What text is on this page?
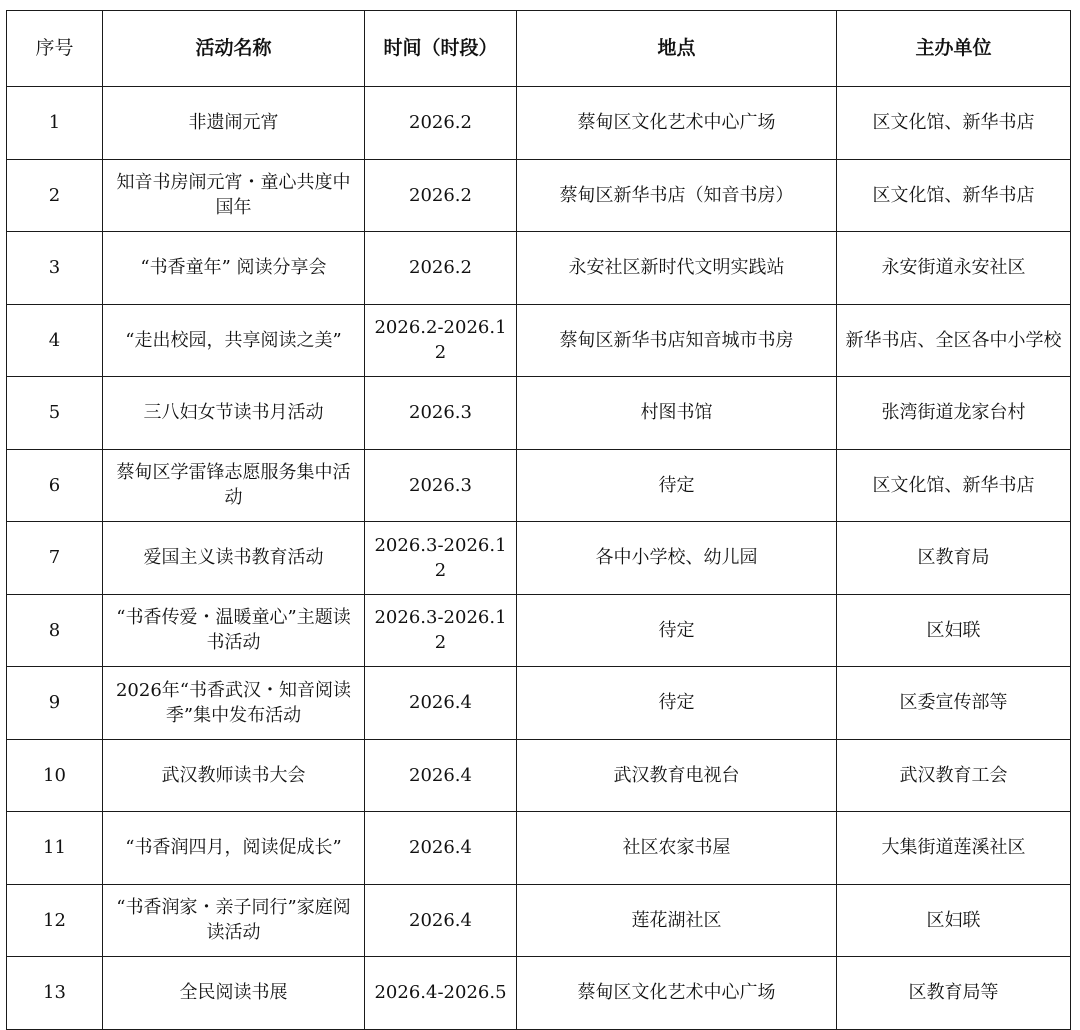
序号	活动名称	时间（时段）	地点	主办单位
1	非遗闹元宵	2026.2	蔡甸区文化艺术中心广场	区文化馆、新华书店
2	知音书房闹元宵・童心共度中国年	2026.2	蔡甸区新华书店（知音书房）	区文化馆、新华书店
3	“书香童年” 阅读分享会	2026.2	永安社区新时代文明实践站	永安街道永安社区
4	“走出校园，共享阅读之美”	2026.2-2026.12	蔡甸区新华书店知音城市书房	新华书店、全区各中小学校
5	三八妇女节读书月活动	2026.3	村图书馆	张湾街道龙家台村
6	蔡甸区学雷锋志愿服务集中活动	2026.3	待定	区文化馆、新华书店
7	爱国主义读书教育活动	2026.3-2026.12	各中小学校、幼儿园	区教育局
8	“书香传爱・温暖童心”主题读书活动	2026.3-2026.12	待定	区妇联
9	2026年“书香武汉・知音阅读季”集中发布活动	2026.4	待定	区委宣传部等
10	武汉教师读书大会	2026.4	武汉教育电视台	武汉教育工会
11	“书香润四月，阅读促成长”	2026.4	社区农家书屋	大集街道莲溪社区
12	“书香润家・亲子同行”家庭阅读活动	2026.4	莲花湖社区	区妇联
13	全民阅读书展	2026.4-2026.5	蔡甸区文化艺术中心广场	区教育局等
